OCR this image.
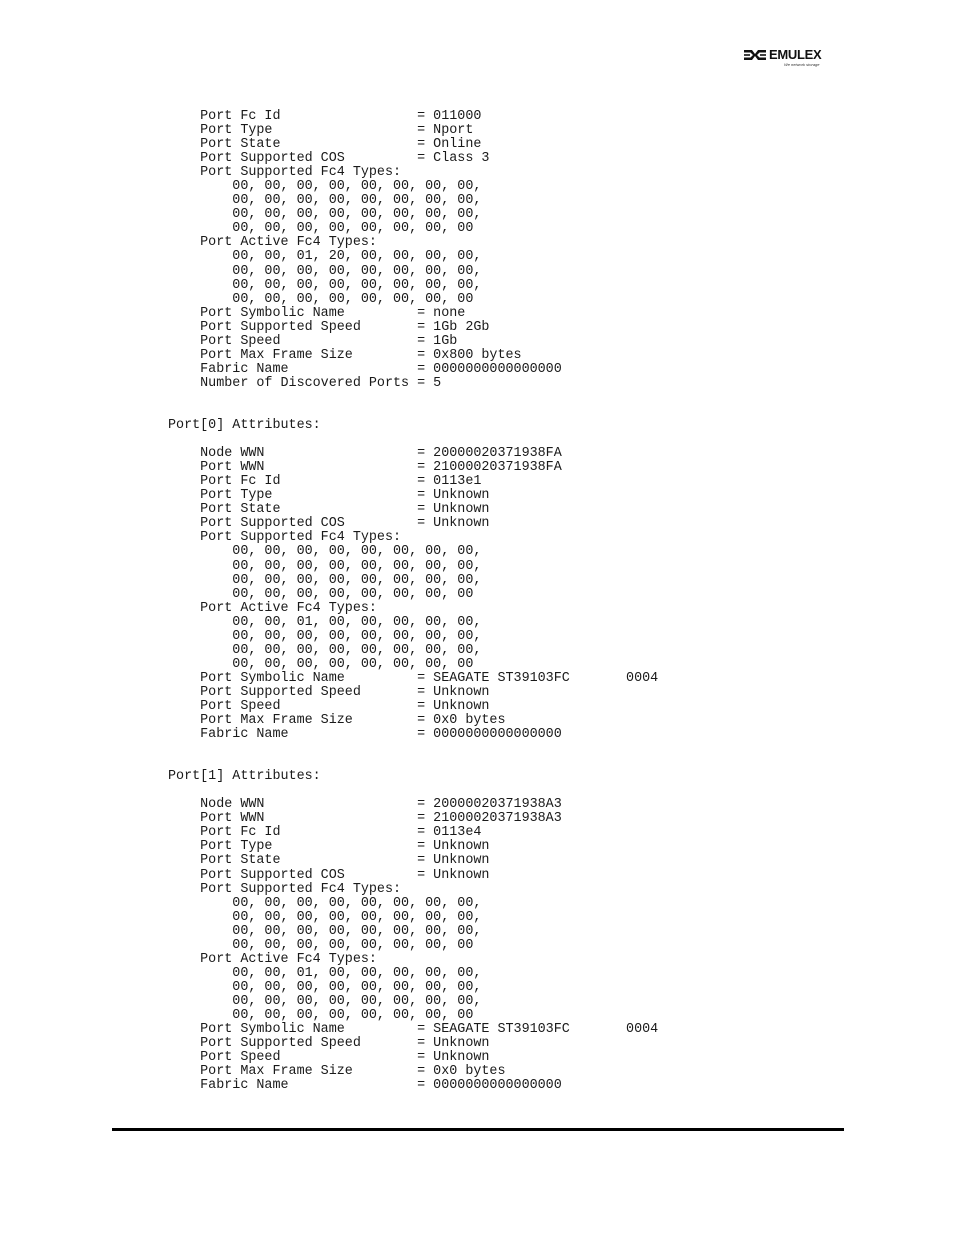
EMULEX
We network storage
Port Fc Id                 = 011000
Port Type                  = Nport
Port State                 = Online
Port Supported COS         = Class 3
Port Supported Fc4 Types:
00, 00, 00, 00, 00, 00, 00, 00,
00, 00, 00, 00, 00, 00, 00, 00,
00, 00, 00, 00, 00, 00, 00, 00,
00, 00, 00, 00, 00, 00, 00, 00
Port Active Fc4 Types:
00, 00, 01, 20, 00, 00, 00, 00,
00, 00, 00, 00, 00, 00, 00, 00,
00, 00, 00, 00, 00, 00, 00, 00,
00, 00, 00, 00, 00, 00, 00, 00
Port Symbolic Name         = none
Port Supported Speed       = 1Gb 2Gb
Port Speed                 = 1Gb
Port Max Frame Size        = 0x800 bytes
Fabric Name                = 0000000000000000
Number of Discovered Ports = 5

Port[0] Attributes:

Node WWN                   = 20000020371938FA
Port WWN                   = 21000020371938FA
Port Fc Id                 = 0113e1
Port Type                  = Unknown
Port State                 = Unknown
Port Supported COS         = Unknown
Port Supported Fc4 Types:
00, 00, 00, 00, 00, 00, 00, 00,
00, 00, 00, 00, 00, 00, 00, 00,
00, 00, 00, 00, 00, 00, 00, 00,
00, 00, 00, 00, 00, 00, 00, 00
Port Active Fc4 Types:
00, 00, 01, 00, 00, 00, 00, 00,
00, 00, 00, 00, 00, 00, 00, 00,
00, 00, 00, 00, 00, 00, 00, 00,
00, 00, 00, 00, 00, 00, 00, 00
Port Symbolic Name         = SEAGATE ST39103FC       0004
Port Supported Speed       = Unknown
Port Speed                 = Unknown
Port Max Frame Size        = 0x0 bytes
Fabric Name                = 0000000000000000

Port[1] Attributes:

Node WWN                   = 20000020371938A3
Port WWN                   = 21000020371938A3
Port Fc Id                 = 0113e4
Port Type                  = Unknown
Port State                 = Unknown
Port Supported COS         = Unknown
Port Supported Fc4 Types:
00, 00, 00, 00, 00, 00, 00, 00,
00, 00, 00, 00, 00, 00, 00, 00,
00, 00, 00, 00, 00, 00, 00, 00,
00, 00, 00, 00, 00, 00, 00, 00
Port Active Fc4 Types:
00, 00, 01, 00, 00, 00, 00, 00,
00, 00, 00, 00, 00, 00, 00, 00,
00, 00, 00, 00, 00, 00, 00, 00,
00, 00, 00, 00, 00, 00, 00, 00
Port Symbolic Name         = SEAGATE ST39103FC       0004
Port Supported Speed       = Unknown
Port Speed                 = Unknown
Port Max Frame Size        = 0x0 bytes
Fabric Name                = 0000000000000000
